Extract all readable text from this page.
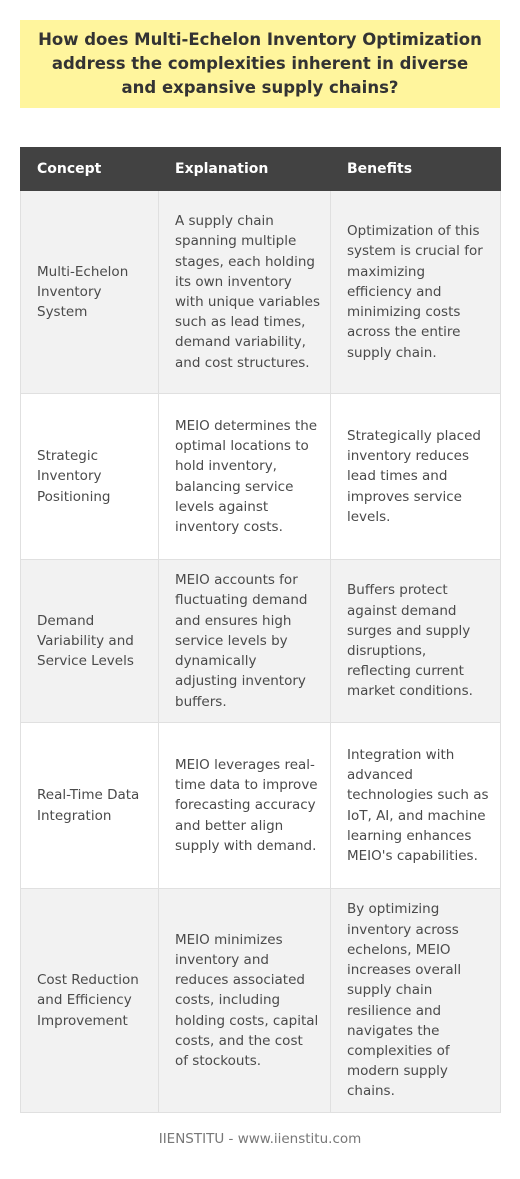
How does Multi-Echelon Inventory Optimization address the complexities inherent in diverse and expansive supply chains?
Concept	Explanation	Benefits
Multi-Echelon Inventory System	A supply chain spanning multiple stages, each holding its own inventory with unique variables such as lead times, demand variability, and cost structures.	Optimization of this system is crucial for maximizing efficiency and minimizing costs across the entire supply chain.
Strategic Inventory Positioning	MEIO determines the optimal locations to hold inventory, balancing service levels against inventory costs.	Strategically placed inventory reduces lead times and improves service levels.
Demand Variability and Service Levels	MEIO accounts for fluctuating demand and ensures high service levels by dynamically adjusting inventory buffers.	Buffers protect against demand surges and supply disruptions, reflecting current market conditions.
Real-Time Data Integration	MEIO leverages real-time data to improve forecasting accuracy and better align supply with demand.	Integration with advanced technologies such as IoT, AI, and machine learning enhances MEIO's capabilities.
Cost Reduction and Efficiency Improvement	MEIO minimizes inventory and reduces associated costs, including holding costs, capital costs, and the cost of stockouts.	By optimizing inventory across echelons, MEIO increases overall supply chain resilience and navigates the complexities of modern supply chains.
IIENSTITU - www.iienstitu.com
